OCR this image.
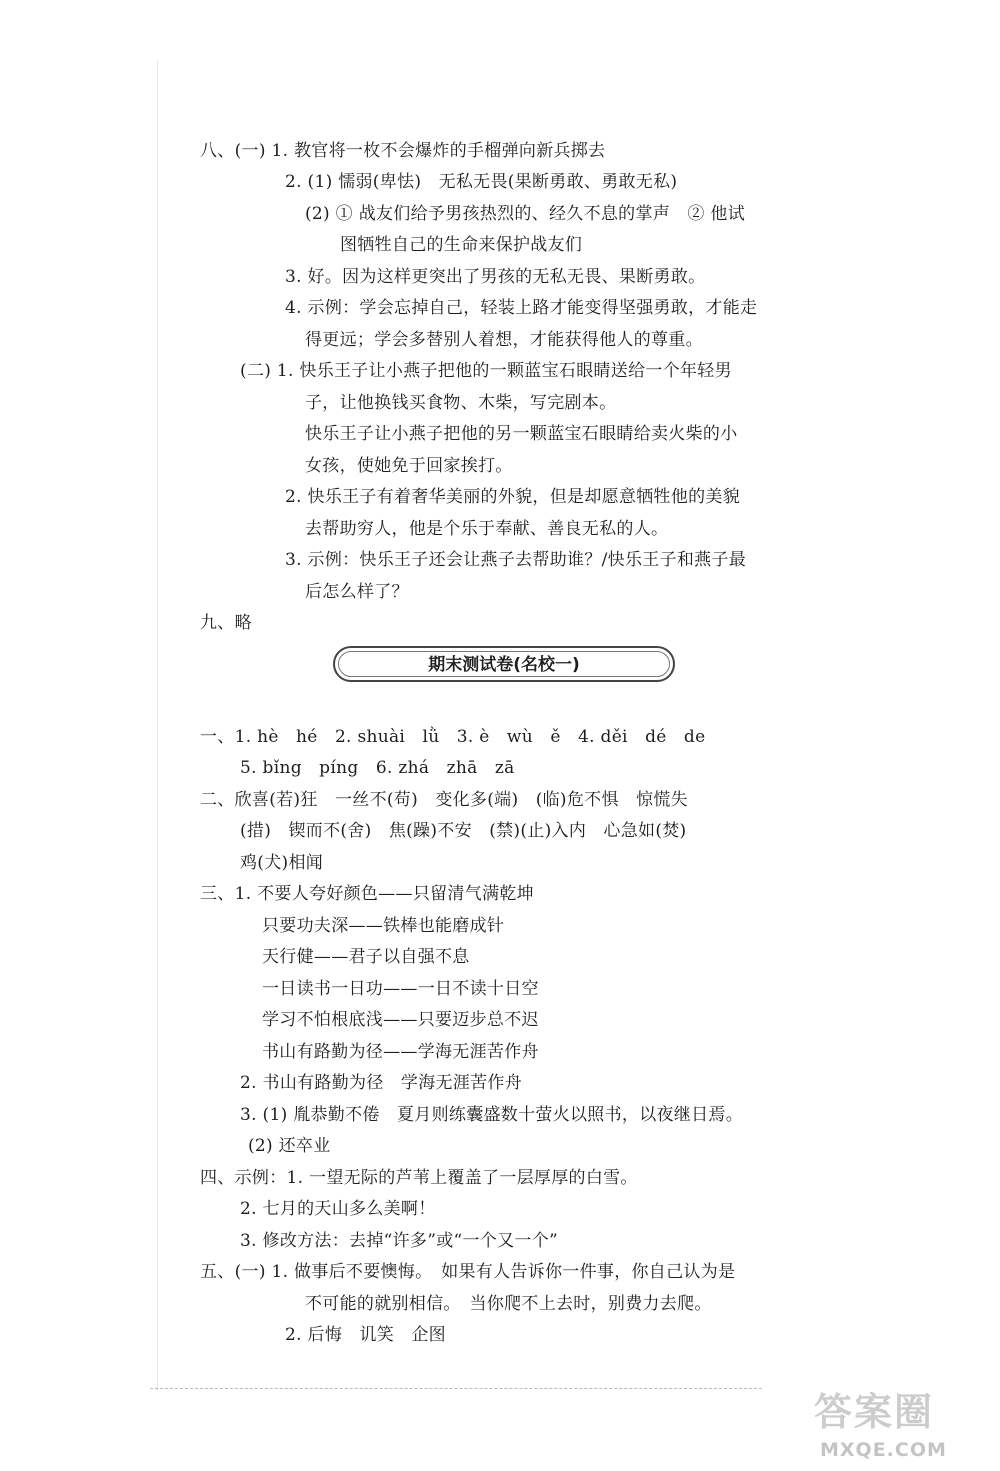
八、(一) 1. 教官将一枚不会爆炸的手榴弹向新兵掷去
2. (1) 懦弱(卑怯)　无私无畏(果断勇敢、勇敢无私)
(2) ① 战友们给予男孩热烈的、经久不息的掌声　② 他试
图牺牲自己的生命来保护战友们
3. 好。因为这样更突出了男孩的无私无畏、果断勇敢。
4. 示例：学会忘掉自己，轻装上路才能变得坚强勇敢，才能走
得更远；学会多替别人着想，才能获得他人的尊重。
(二) 1. 快乐王子让小燕子把他的一颗蓝宝石眼睛送给一个年轻男
子，让他换钱买食物、木柴，写完剧本。
快乐王子让小燕子把他的另一颗蓝宝石眼睛给卖火柴的小
女孩，使她免于回家挨打。
2. 快乐王子有着奢华美丽的外貌，但是却愿意牺牲他的美貌
去帮助穷人，他是个乐于奉献、善良无私的人。
3. 示例：快乐王子还会让燕子去帮助谁？/快乐王子和燕子最
后怎么样了？
九、略
期末测试卷(名校一)
一、1. hè　hé　2. shuài　lǜ　3. è　wù　ě　4. děi　dé　de
5. bǐng　píng　6. zhá　zhā　zā
二、欣喜(若)狂　一丝不(苟)　变化多(端)　(临)危不惧　惊慌失
(措)　锲而不(舍)　焦(躁)不安　(禁)(止)入内　心急如(焚)
鸡(犬)相闻
三、1. 不要人夸好颜色——只留清气满乾坤
只要功夫深——铁棒也能磨成针
天行健——君子以自强不息
一日读书一日功——一日不读十日空
学习不怕根底浅——只要迈步总不迟
书山有路勤为径——学海无涯苦作舟
2. 书山有路勤为径　学海无涯苦作舟
3. (1) 胤恭勤不倦　夏月则练囊盛数十萤火以照书，以夜继日焉。
(2) 还卒业
四、示例：1. 一望无际的芦苇上覆盖了一层厚厚的白雪。
2. 七月的天山多么美啊！
3. 修改方法：去掉“许多”或“一个又一个”
五、(一) 1. 做事后不要懊悔。　如果有人告诉你一件事，你自己认为是
不可能的就别相信。　当你爬不上去时，别费力去爬。
2. 后悔　讥笑　企图
答案圈
MXQE.COM
